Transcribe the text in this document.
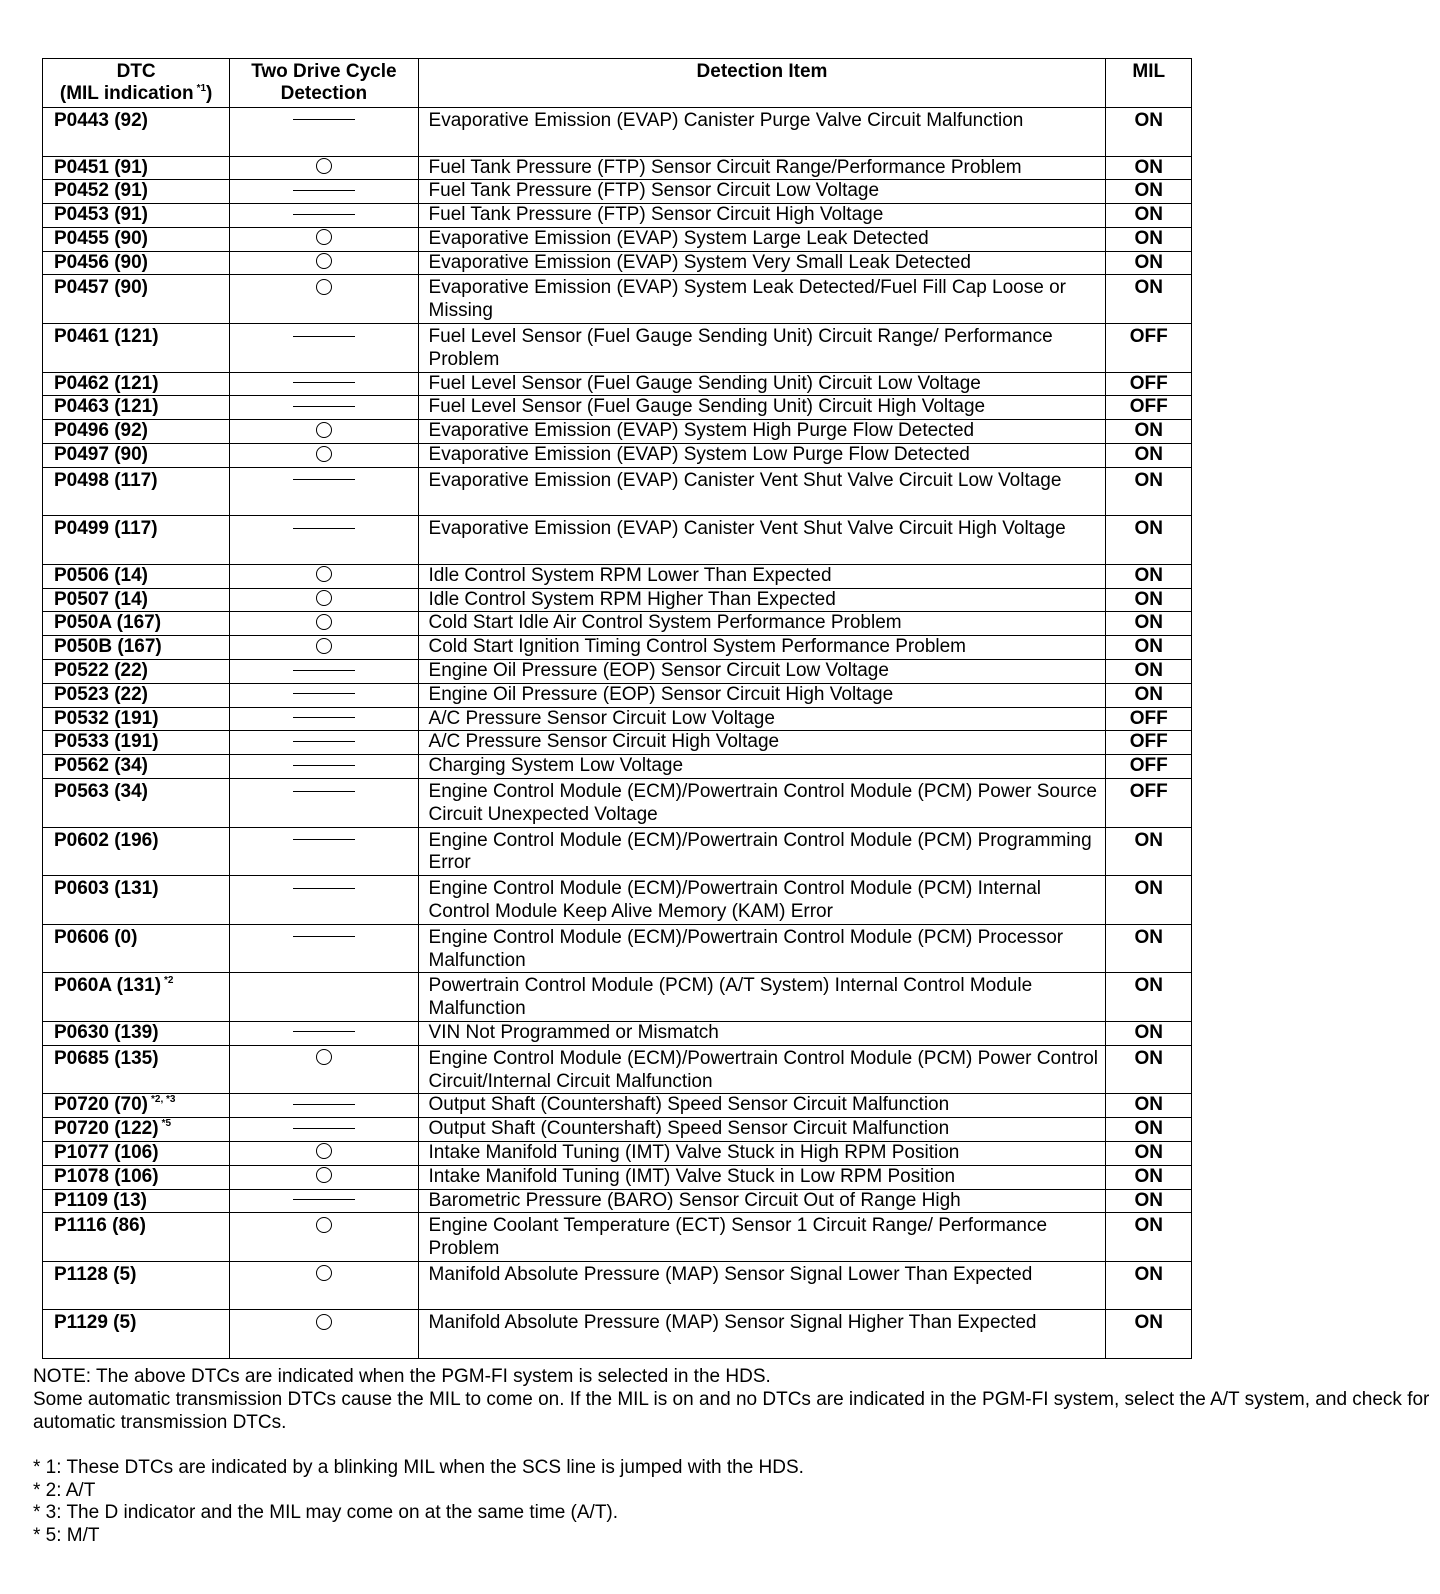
DTC
(MIL indication $^{*1}$)	Two Drive Cycle Detection	Detection Item	MIL
P0443 (92)		Evaporative Emission (EVAP) Canister Purge Valve Circuit Malfunction	ON
P0451 (91)		Fuel Tank Pressure (FTP) Sensor Circuit Range/Performance Problem	ON
P0452 (91)		Fuel Tank Pressure (FTP) Sensor Circuit Low Voltage	ON
P0453 (91)		Fuel Tank Pressure (FTP) Sensor Circuit High Voltage	ON
P0455 (90)		Evaporative Emission (EVAP) System Large Leak Detected	ON
P0456 (90)		Evaporative Emission (EVAP) System Very Small Leak Detected	ON
P0457 (90)		Evaporative Emission (EVAP) System Leak Detected/Fuel Fill Cap Loose or Missing	ON
P0461 (121)		Fuel Level Sensor (Fuel Gauge Sending Unit) Circuit Range/ Performance Problem	OFF
P0462 (121)		Fuel Level Sensor (Fuel Gauge Sending Unit) Circuit Low Voltage	OFF
P0463 (121)		Fuel Level Sensor (Fuel Gauge Sending Unit) Circuit High Voltage	OFF
P0496 (92)		Evaporative Emission (EVAP) System High Purge Flow Detected	ON
P0497 (90)		Evaporative Emission (EVAP) System Low Purge Flow Detected	ON
P0498 (117)		Evaporative Emission (EVAP) Canister Vent Shut Valve Circuit Low Voltage	ON
P0499 (117)		Evaporative Emission (EVAP) Canister Vent Shut Valve Circuit High Voltage	ON
P0506 (14)		Idle Control System RPM Lower Than Expected	ON
P0507 (14)		Idle Control System RPM Higher Than Expected	ON
P050A (167)		Cold Start Idle Air Control System Performance Problem	ON
P050B (167)		Cold Start Ignition Timing Control System Performance Problem	ON
P0522 (22)		Engine Oil Pressure (EOP) Sensor Circuit Low Voltage	ON
P0523 (22)		Engine Oil Pressure (EOP) Sensor Circuit High Voltage	ON
P0532 (191)		A/C Pressure Sensor Circuit Low Voltage	OFF
P0533 (191)		A/C Pressure Sensor Circuit High Voltage	OFF
P0562 (34)		Charging System Low Voltage	OFF
P0563 (34)		Engine Control Module (ECM)/Powertrain Control Module (PCM) Power Source Circuit Unexpected Voltage	OFF
P0602 (196)		Engine Control Module (ECM)/Powertrain Control Module (PCM) Programming Error	ON
P0603 (131)		Engine Control Module (ECM)/Powertrain Control Module (PCM) Internal Control Module Keep Alive Memory (KAM) Error	ON
P0606 (0)		Engine Control Module (ECM)/Powertrain Control Module (PCM) Processor Malfunction	ON
P060A (131) $^{*2}$		Powertrain Control Module (PCM) (A/T System) Internal Control Module Malfunction	ON
P0630 (139)		VIN Not Programmed or Mismatch	ON
P0685 (135)		Engine Control Module (ECM)/Powertrain Control Module (PCM) Power Control Circuit/Internal Circuit Malfunction	ON
P0720 (70) $^{*2, *3}$		Output Shaft (Countershaft) Speed Sensor Circuit Malfunction	ON
P0720 (122) $^{*5}$		Output Shaft (Countershaft) Speed Sensor Circuit Malfunction	ON
P1077 (106)		Intake Manifold Tuning (IMT) Valve Stuck in High RPM Position	ON
P1078 (106)		Intake Manifold Tuning (IMT) Valve Stuck in Low RPM Position	ON
P1109 (13)		Barometric Pressure (BARO) Sensor Circuit Out of Range High	ON
P1116 (86)		Engine Coolant Temperature (ECT) Sensor 1 Circuit Range/ Performance Problem	ON
P1128 (5)		Manifold Absolute Pressure (MAP) Sensor Signal Lower Than Expected	ON
P1129 (5)		Manifold Absolute Pressure (MAP) Sensor Signal Higher Than Expected	ON

NOTE: The above DTCs are indicated when the PGM-FI system is selected in the HDS.

Some automatic transmission DTCs cause the MIL to come on. If the MIL is on and no DTCs are indicated in the PGM-FI system, select the A/T system, and check for automatic transmission DTCs.

* 1: These DTCs are indicated by a blinking MIL when the SCS line is jumped with the HDS.

* 2: A/T

* 3: The D indicator and the MIL may come on at the same time (A/T).

* 5: M/T
